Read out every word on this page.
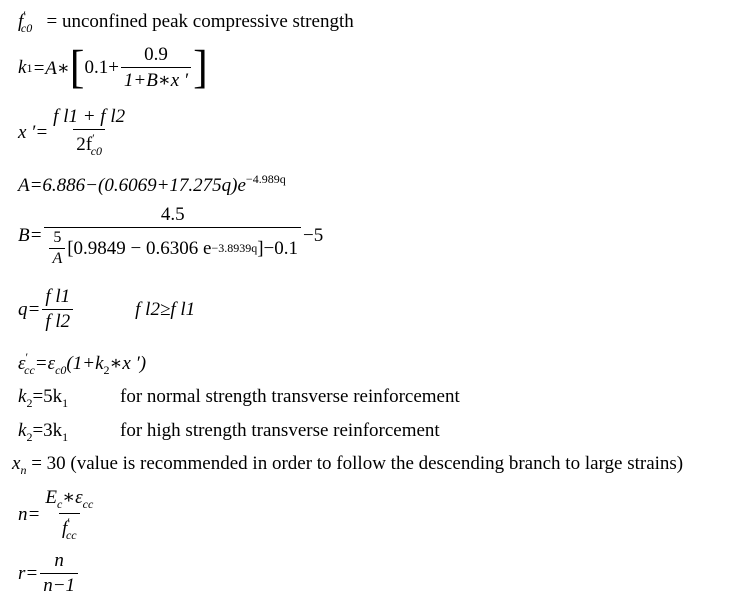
$f'_{c0}$ = unconfined peak compressive strength
k 1 =A∗ [ $0.1+ \frac{0.9}{1+B∗x '}$ ]
x ′= $\frac{\text{f l1 + f l2}}{2f'_{c0}}$
$A=6.886-(0.6069+17.275q)e^{-4.989q}$
$B= \frac{4.5}{\frac{5}{A} [0.9849 - 0.6306 e -3.8939q ]-0.1} -5$
$q= \frac{\text{f l1}}{\text{f l2}}$	f l2≥f l1
$\varepsilon'_{cc}=\varepsilon_{c0}(1+k_2∗x$ ′)
$k_2=5k_1$	for normal strength transverse reinforcement
$k_2=3k_1$	for high strength transverse reinforcement
$x_n = 30$ (value is recommended in order to follow the descending branch to large strains)
$n= \frac{E_c∗\varepsilon_{cc}}{f'_{cc}}$
$r= \frac{n}{n-1}$
